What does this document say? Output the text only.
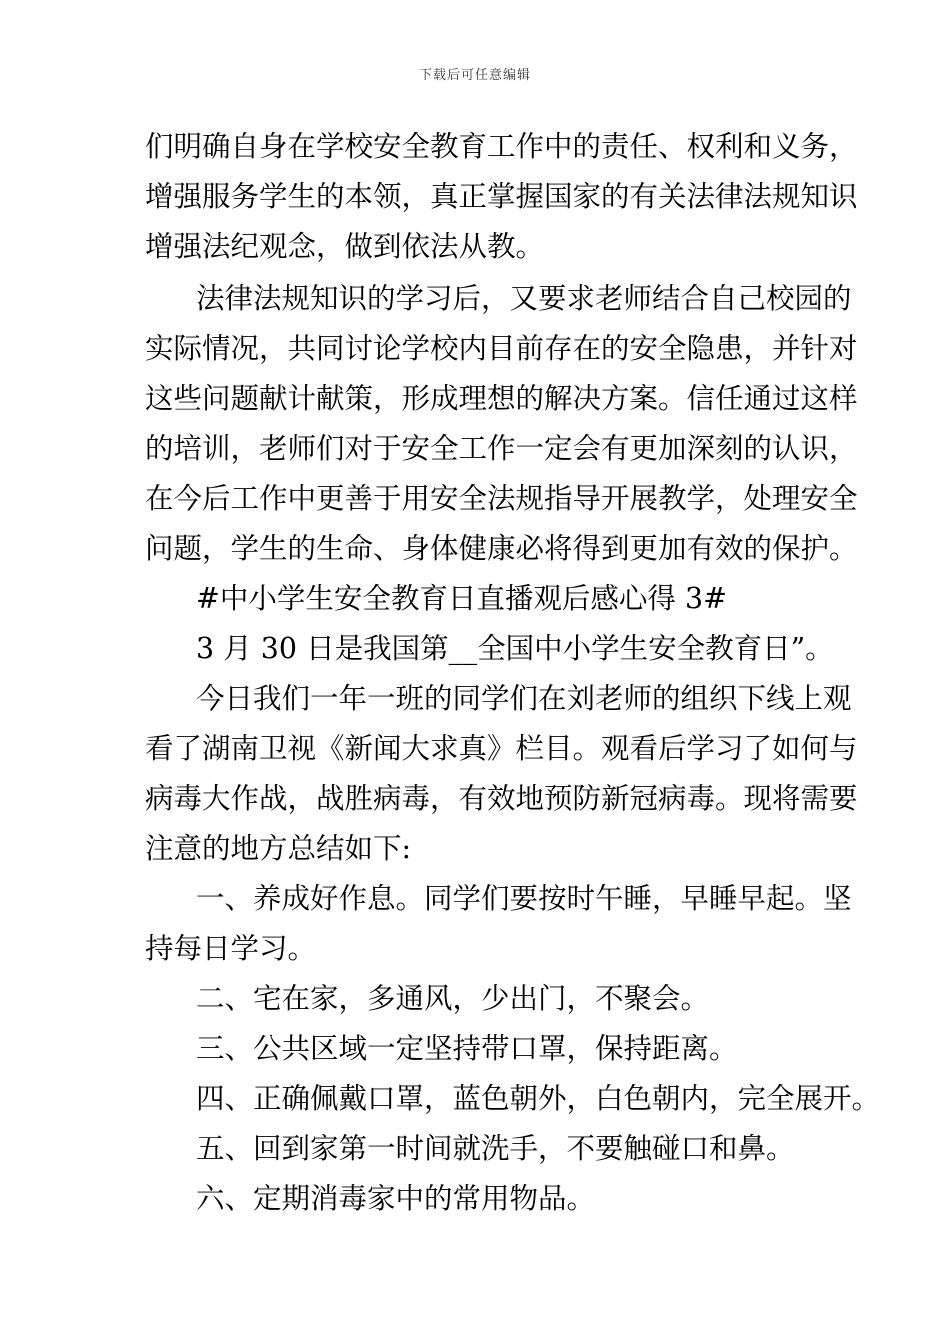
下载后可任意编辑
们明确自身在学校安全教育工作中的责任、权利和义务，
增强服务学生的本领，真正掌握国家的有关法律法规知识
增强法纪观念，做到依法从教。
法律法规知识的学习后，又要求老师结合自己校园的
实际情况，共同讨论学校内目前存在的安全隐患，并针对
这些问题献计献策，形成理想的解决方案。信任通过这样
的培训，老师们对于安全工作一定会有更加深刻的认识，
在今后工作中更善于用安全法规指导开展教学，处理安全
问题，学生的生命、身体健康必将得到更加有效的保护。
#中小学生安全教育日直播观后感心得 3#
3 月 30 日是我国第__全国中小学生安全教育日”。
今日我们一年一班的同学们在刘老师的组织下线上观
看了湖南卫视《新闻大求真》栏目。观看后学习了如何与
病毒大作战，战胜病毒，有效地预防新冠病毒。现将需要
注意的地方总结如下:
一、养成好作息。同学们要按时午睡，早睡早起。坚
持每日学习。
二、宅在家，多通风，少出门，不聚会。
三、公共区域一定坚持带口罩，保持距离。
四、正确佩戴口罩，蓝色朝外，白色朝内，完全展开。
五、回到家第一时间就洗手，不要触碰口和鼻。
六、定期消毒家中的常用物品。
